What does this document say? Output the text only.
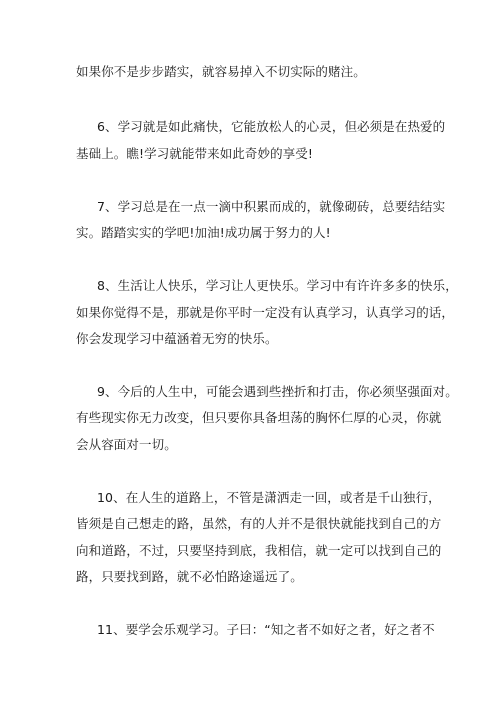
如果你不是步步踏实，就容易掉入不切实际的赌注。
6、学习就是如此痛快，它能放松人的心灵，但必须是在热爱的
基础上。瞧!学习就能带来如此奇妙的享受!
7、学习总是在一点一滴中积累而成的，就像砌砖，总要结结实
实。踏踏实实的学吧!加油!成功属于努力的人!
8、生活让人快乐，学习让人更快乐。学习中有许许多多的快乐，
如果你觉得不是，那就是你平时一定没有认真学习，认真学习的话，
你会发现学习中蕴涵着无穷的快乐。
9、今后的人生中，可能会遇到些挫折和打击，你必须坚强面对。
有些现实你无力改变，但只要你具备坦荡的胸怀仁厚的心灵，你就
会从容面对一切。
10、在人生的道路上，不管是潇洒走一回，或者是千山独行，
皆须是自己想走的路，虽然，有的人并不是很快就能找到自己的方
向和道路，不过，只要坚持到底，我相信，就一定可以找到自己的
路，只要找到路，就不必怕路途遥远了。
11、要学会乐观学习。子曰：“知之者不如好之者，好之者不
